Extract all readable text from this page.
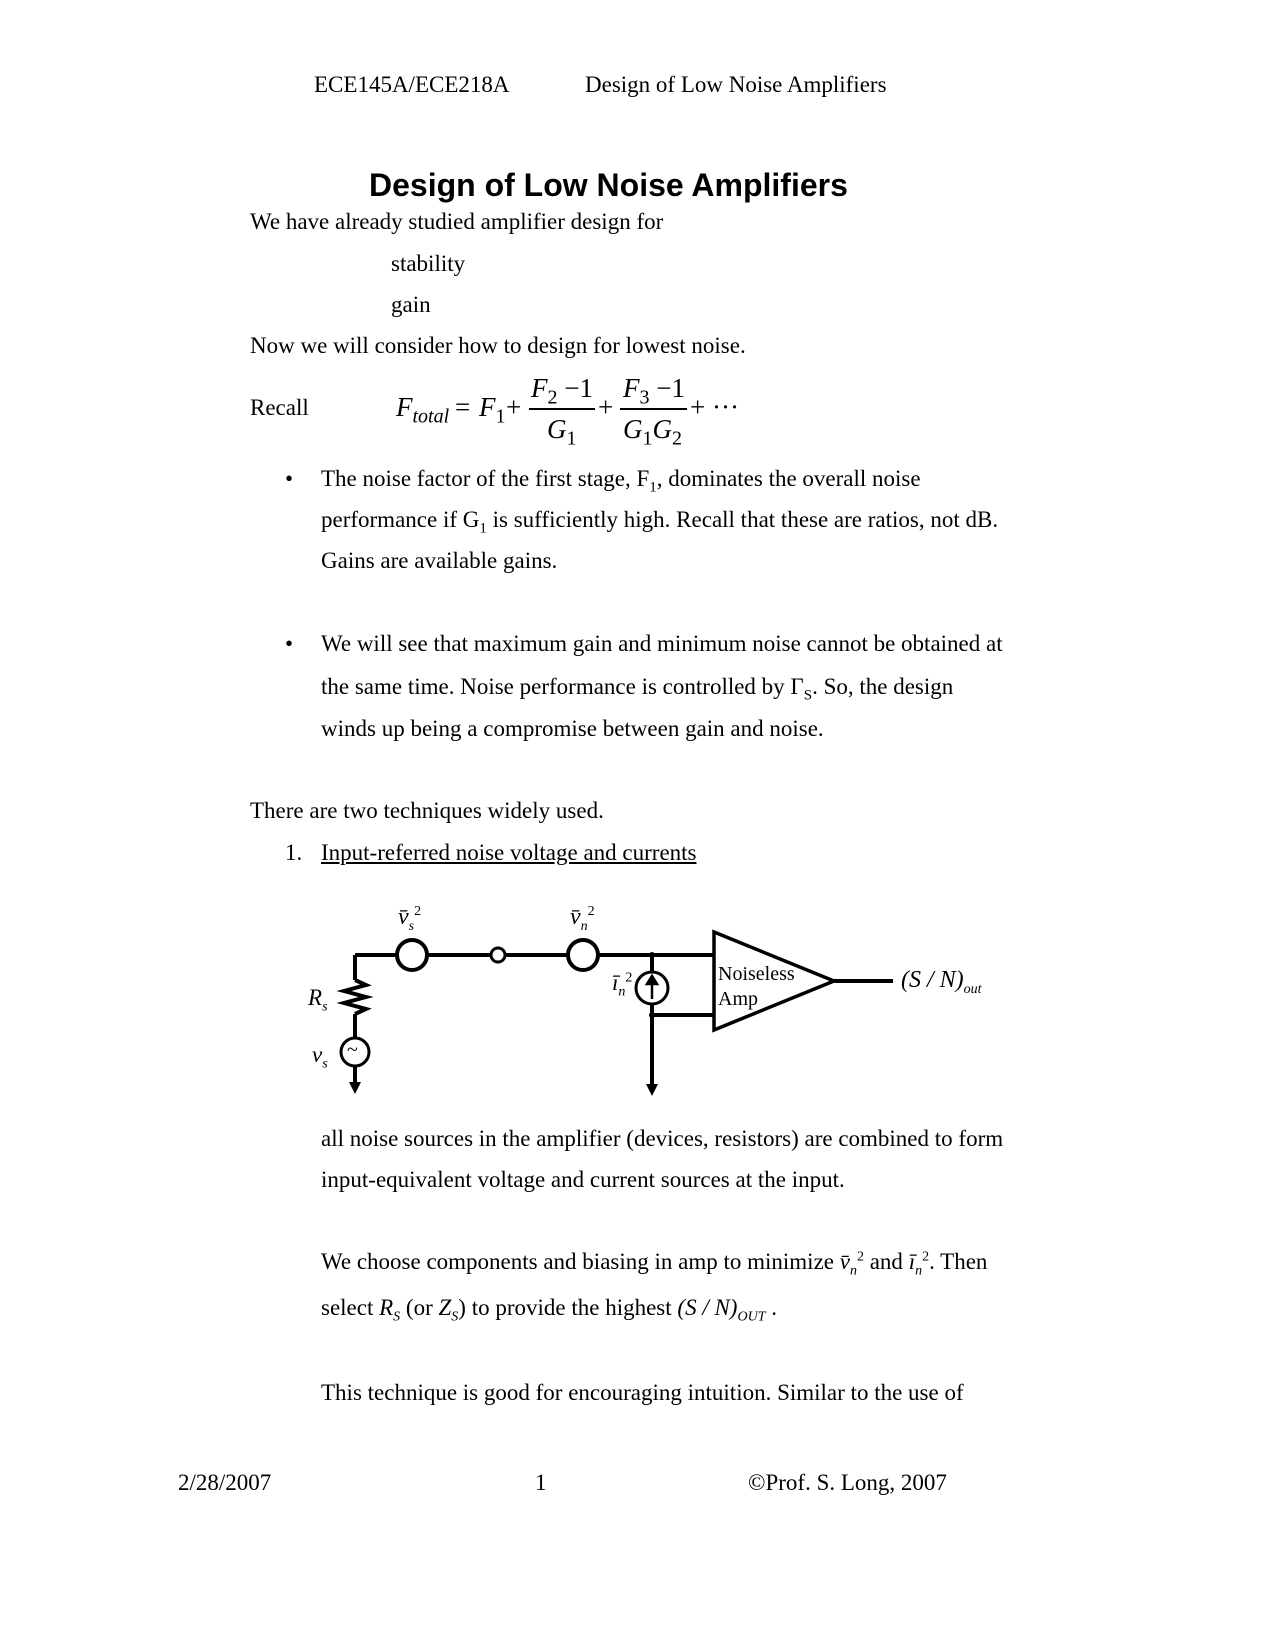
ECE145A/ECE218A	Design of Low Noise Amplifiers
Design of Low Noise Amplifiers
We have already studied amplifier design for
stability
gain
Now we will consider how to design for lowest noise.
Recall	$F_{total} = F_1$ +
$F_2 -1$
$G_1$
+
$F_3 -1$
$G_1G_2$
+ ···
• The noise factor of the first stage, $F_1$, dominates the overall noise
performance if $G_1$ is sufficiently high. Recall that these are ratios, not dB.
Gains are available gains.
• We will see that maximum gain and minimum noise cannot be obtained at
the same time. Noise performance is controlled by $\Gamma_S$. So, the design
winds up being a compromise between gain and noise.
There are two techniques widely used.
1. Input-referred noise voltage and currents
$v̄_s^2$	$v̄_n^2$
$ī_n^2$
$R_s$
$v_s$
~
Noiseless
Amp
$(S / N)_{out}$
all noise sources in the amplifier (devices, resistors) are combined to form
input-equivalent voltage and current sources at the input.
We choose components and biasing in amp to minimize $v̄_n^2$ and $ī_n^2$. Then
select $R_S$ (or $Z_S$) to provide the highest $(S / N)_{OUT}$ .
This technique is good for encouraging intuition. Similar to the use of
2/28/2007	1	©Prof. S. Long, 2007
